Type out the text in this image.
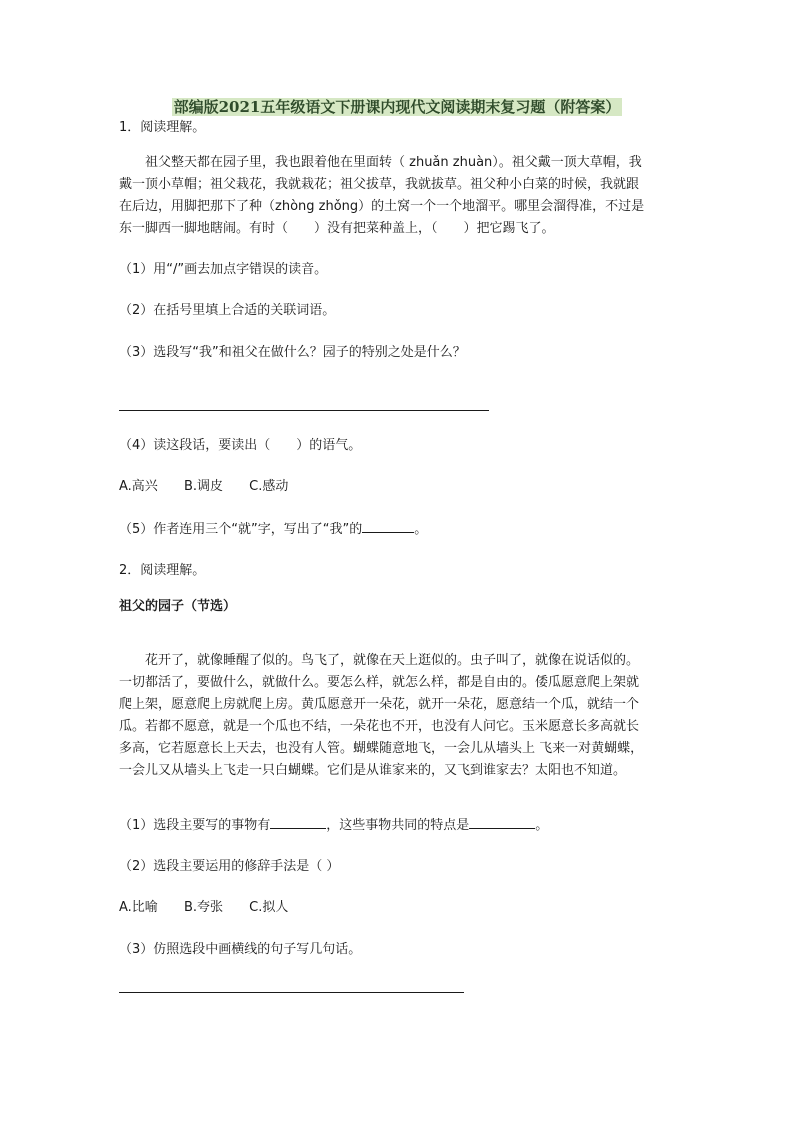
部编版2021五年级语文下册课内现代文阅读期末复习题（附答案）
1．阅读理解。
祖父整天都在园子里，我也跟着他在里面转（ zhuǎn zhuàn）。祖父戴一顶大草帽，我
戴一顶小草帽；祖父栽花，我就栽花；祖父拔草，我就拔草。祖父种小白菜的时候，我就跟
在后边，用脚把那下了种（zhòng zhǒng）的土窝一个一个地溜平。哪里会溜得准，不过是
东一脚西一脚地瞎闹。有时（　　）没有把菜种盖上，（　　）把它踢飞了。
（1）用“/”画去加点字错误的读音。
（2）在括号里填上合适的关联词语。
（3）选段写“我”和祖父在做什么？园子的特别之处是什么？
（4）读这段话，要读出（　　）的语气。
A.高兴 B.调皮 C.感动
（5）作者连用三个“就”字，写出了“我”的	。
2．阅读理解。
祖父的园子（节选）
花开了，就像睡醒了似的。鸟飞了，就像在天上逛似的。虫子叫了，就像在说话似的。
一切都活了，要做什么，就做什么。要怎么样，就怎么样，都是自由的。倭瓜愿意爬上架就
爬上架，愿意爬上房就爬上房。黄瓜愿意开一朵花，就开一朵花，愿意结一个瓜，就结一个
瓜。若都不愿意，就是一个瓜也不结，一朵花也不开，也没有人问它。玉米愿意长多高就长
多高，它若愿意长上天去，也没有人管。蝴蝶随意地飞，一会儿从墙头上 飞来一对黄蝴蝶，
一会儿又从墙头上飞走一只白蝴蝶。它们是从谁家来的，又飞到谁家去？太阳也不知道。
（1）选段主要写的事物有	，这些事物共同的特点是	。
（2）选段主要运用的修辞手法是（ ）
A.比喻 B.夸张 C.拟人
（3）仿照选段中画横线的句子写几句话。
